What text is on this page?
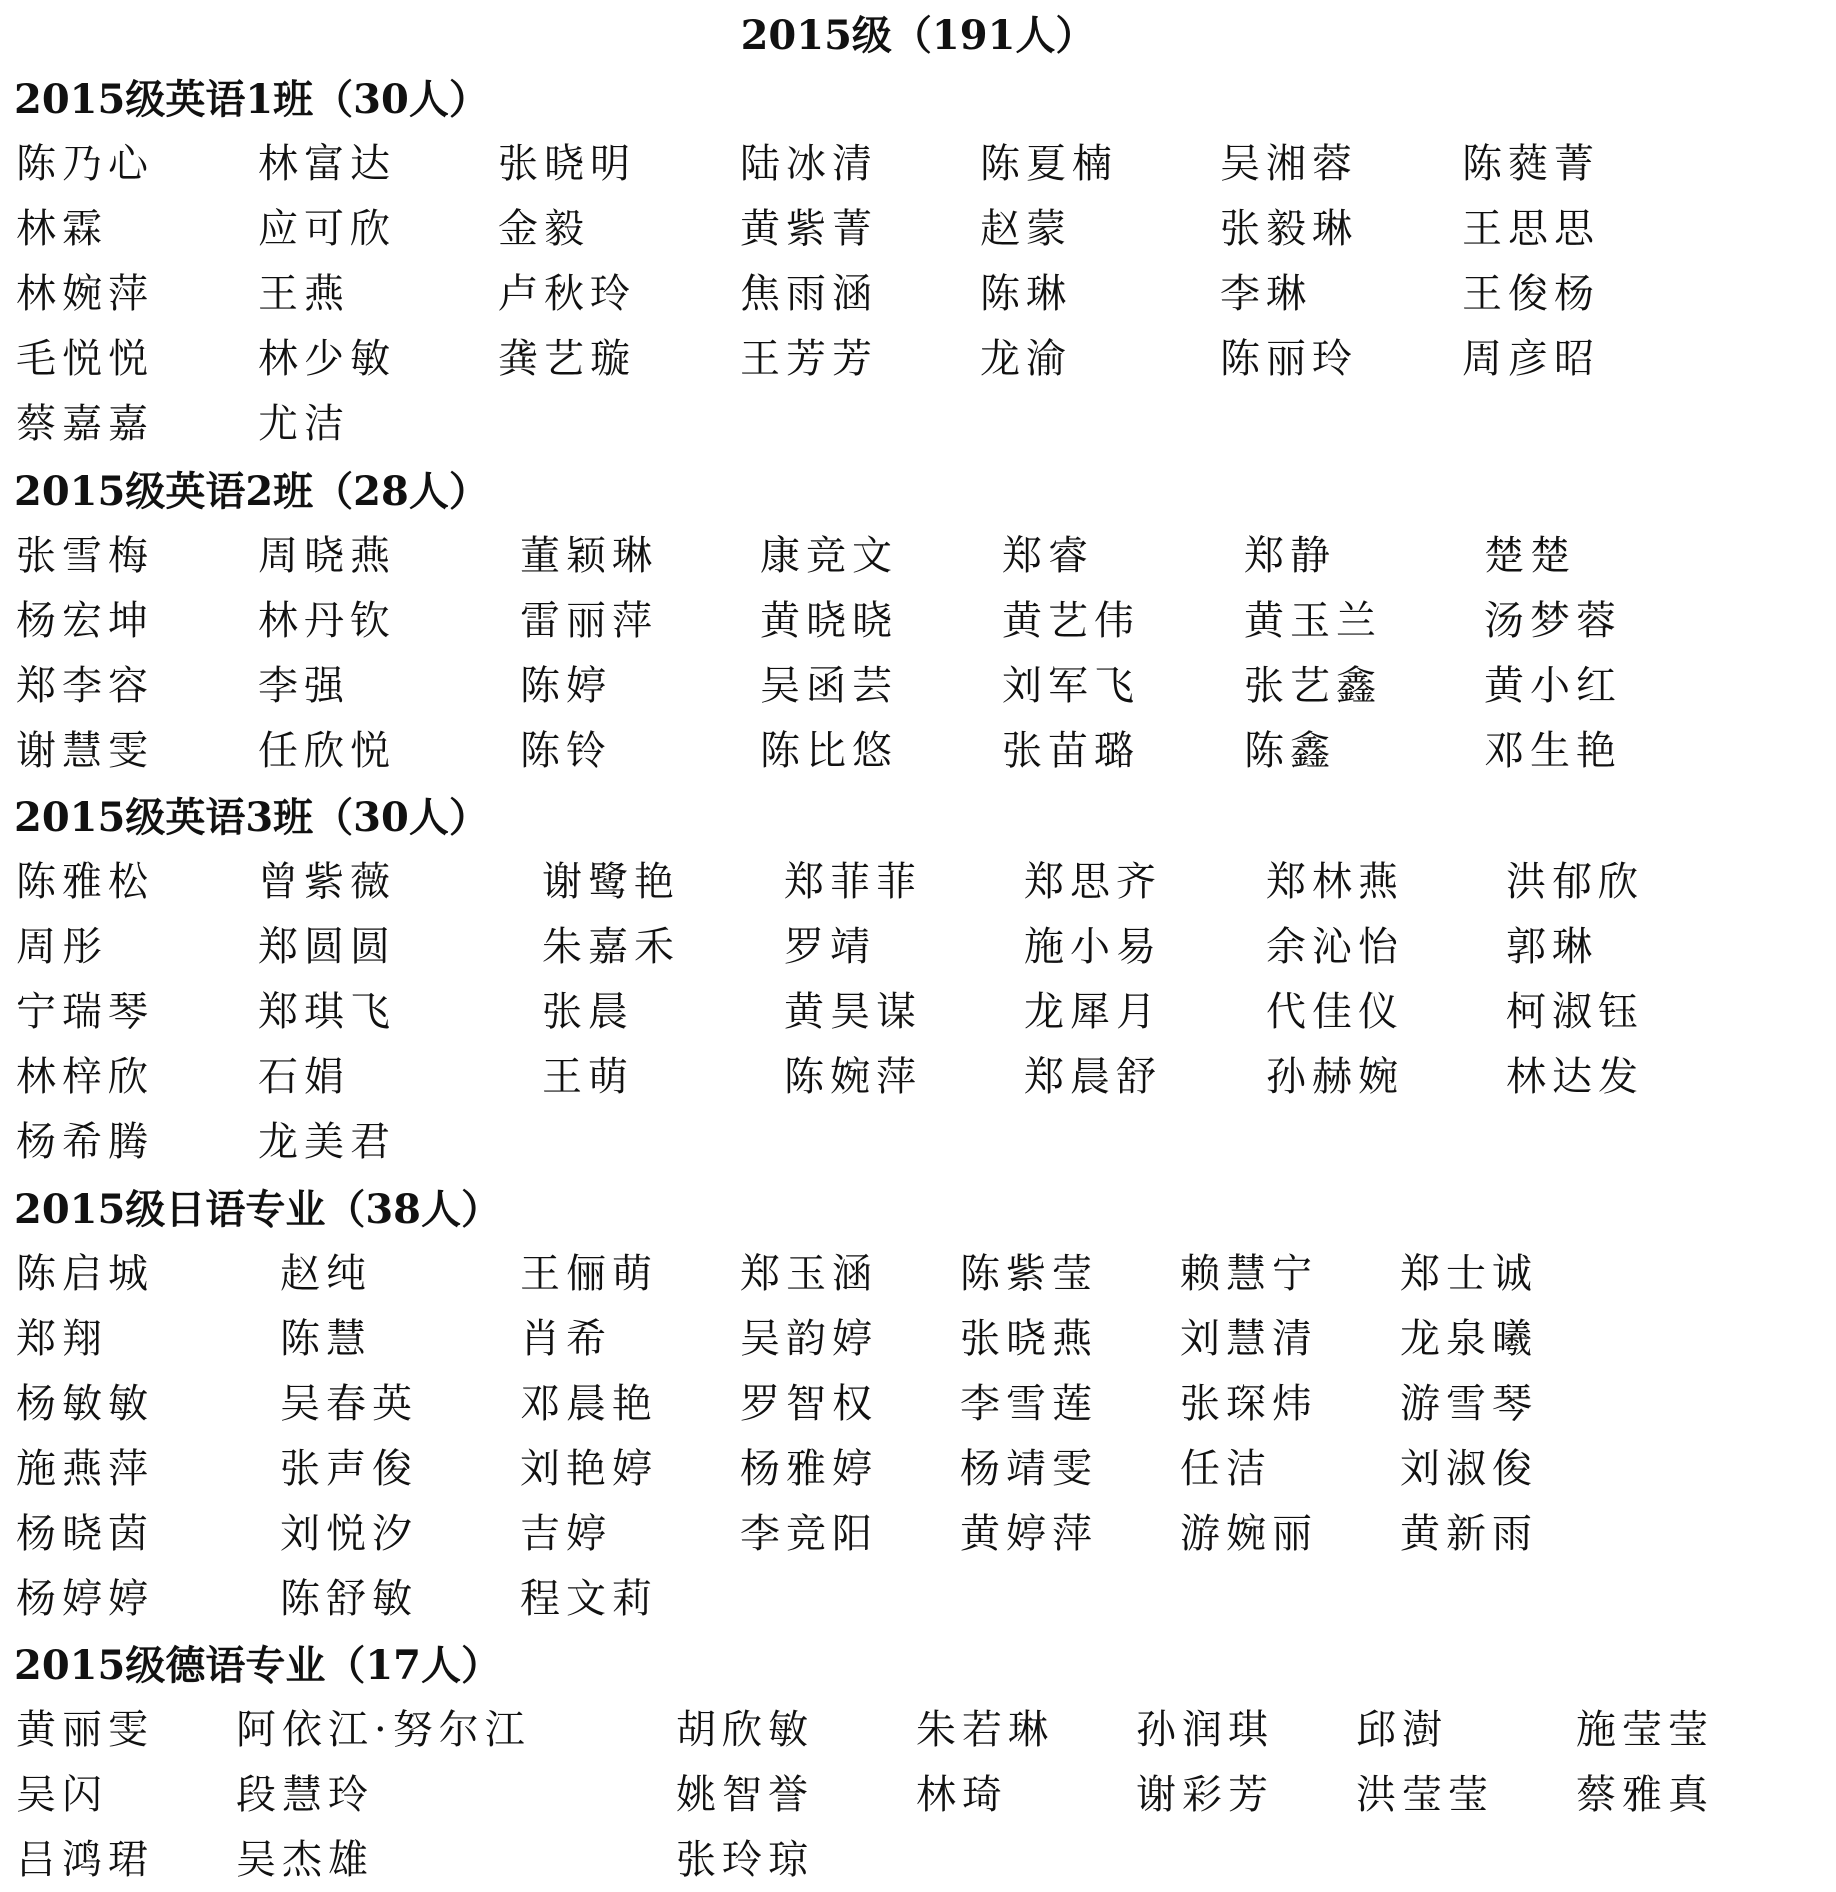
2015级（191人）
2015级英语1班（30人）
陈乃心	林富达	张晓明	陆冰清	陈夏楠	吴湘蓉	陈蕤菁
林霖	应可欣	金毅	黄紫菁	赵蒙	张毅琳	王思思
林婉萍	王燕	卢秋玲	焦雨涵	陈琳	李琳	王俊杨
毛悦悦	林少敏	龚艺璇	王芳芳	龙渝	陈丽玲	周彦昭
蔡嘉嘉	尤洁
2015级英语2班（28人）
张雪梅	周晓燕	董颖琳	康竞文	郑睿	郑静	楚楚
杨宏坤	林丹钦	雷丽萍	黄晓晓	黄艺伟	黄玉兰	汤梦蓉
郑李容	李强	陈婷	吴函芸	刘军飞	张艺鑫	黄小红
谢慧雯	任欣悦	陈铃	陈比悠	张苗璐	陈鑫	邓生艳
2015级英语3班（30人）
陈雅松	曾紫薇	谢鹭艳	郑菲菲	郑思齐	郑林燕	洪郁欣
周彤	郑圆圆	朱嘉禾	罗靖	施小易	余沁怡	郭琳
宁瑞琴	郑琪飞	张晨	黄昊谋	龙犀月	代佳仪	柯淑钰
林梓欣	石娟	王萌	陈婉萍	郑晨舒	孙赫婉	林达发
杨希腾	龙美君
2015级日语专业（38人）
陈启城	赵纯	王俪萌 郑玉涵 陈紫莹 赖慧宁 郑士诚
郑翔	陈慧	肖希	吴韵婷 张晓燕 刘慧清 龙泉曦
杨敏敏	吴春英	邓晨艳 罗智权 李雪莲 张琛炜 游雪琴
施燕萍	张声俊	刘艳婷 杨雅婷 杨靖雯 任洁	刘淑俊
杨晓茵	刘悦汐	吉婷	李竞阳 黄婷萍 游婉丽 黄新雨
杨婷婷	陈舒敏	程文莉
2015级德语专业（17人）
黄丽雯 阿依江·努尔江	胡欣敏	朱若琳 孙润琪 邱澍	施莹莹
吴闪	段慧玲	姚智誉	林琦	谢彩芳 洪莹莹 蔡雅真
吕鸿珺 吴杰雄	张玲琼
